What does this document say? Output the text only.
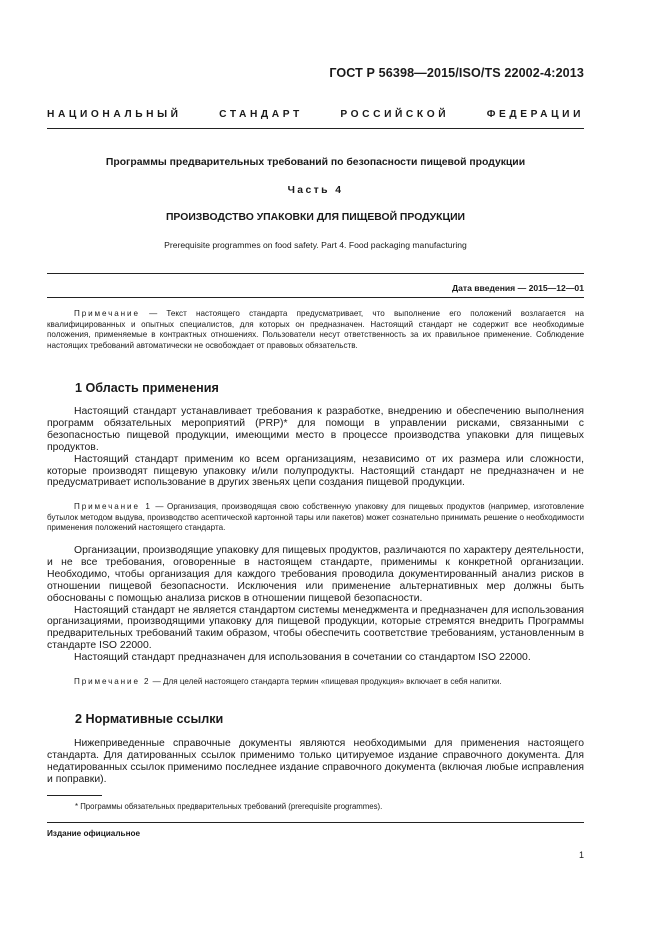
ГОСТ Р 56398—2015/ISO/TS 22002-4:2013
НАЦИОНАЛЬНЫЙ СТАНДАРТ РОССИЙСКОЙ ФЕДЕРАЦИИ
Программы предварительных требований по безопасности пищевой продукции
Часть 4
ПРОИЗВОДСТВО УПАКОВКИ ДЛЯ ПИЩЕВОЙ ПРОДУКЦИИ
Prerequisite programmes on food safety. Part 4. Food packaging manufacturing
Дата введения — 2015—12—01
Примечание — Текст настоящего стандарта предусматривает, что выполнение его положений возлагается на квалифицированных и опытных специалистов, для которых он предназначен. Настоящий стандарт не содержит все необходимые положения, применяемые в контрактных отношениях. Пользователи несут ответственность за их правильное применение. Соблюдение настоящих требований автоматически не освобождает от правовых обязательств.
1 Область применения

Настоящий стандарт устанавливает требования к разработке, внедрению и обеспечению выполнения программ обязательных мероприятий (PRP)* для помощи в управлении рисками, связанными с безопасностью пищевой продукции, имеющими место в процессе производства упаковки для пищевых продуктов.

Настоящий стандарт применим ко всем организациям, независимо от их размера или сложности, которые производят пищевую упаковку и/или полупродукты. Настоящий стандарт не предназначен и не предусматривает использование в других звеньях цепи создания пищевой продукции.

Примечание 1 — Организация, производящая свою собственную упаковку для пищевых продуктов (например, изготовление бутылок методом выдува, производство асептической картонной тары или пакетов) может сознательно принимать решение о необходимости применения положений настоящего стандарта.

Организации, производящие упаковку для пищевых продуктов, различаются по характеру деятельности, и не все требования, оговоренные в настоящем стандарте, применимы к конкретной организации. Необходимо, чтобы организация для каждого требования проводила документированный анализ рисков в отношении пищевой безопасности. Исключения или применение альтернативных мер должны быть обоснованы с помощью анализа рисков в отношении пищевой безопасности.

Настоящий стандарт не является стандартом системы менеджмента и предназначен для использования организациями, производящими упаковку для пищевой продукции, которые стремятся внедрить Программы предварительных требований таким образом, чтобы обеспечить соответствие требованиям, установленным в стандарте ISO 22000.

Настоящий стандарт предназначен для использования в сочетании со стандартом ISO 22000.

Примечание 2 — Для целей настоящего стандарта термин «пищевая продукция» включает в себя напитки.
2 Нормативные ссылки

Нижеприведенные справочные документы являются необходимыми для применения настоящего стандарта. Для датированных ссылок применимо только цитируемое издание справочного документа. Для недатированных ссылок применимо последнее издание справочного документа (включая любые исправления и поправки).

* Программы обязательных предварительных требований (prerequisite programmes).
Издание официальное
1
